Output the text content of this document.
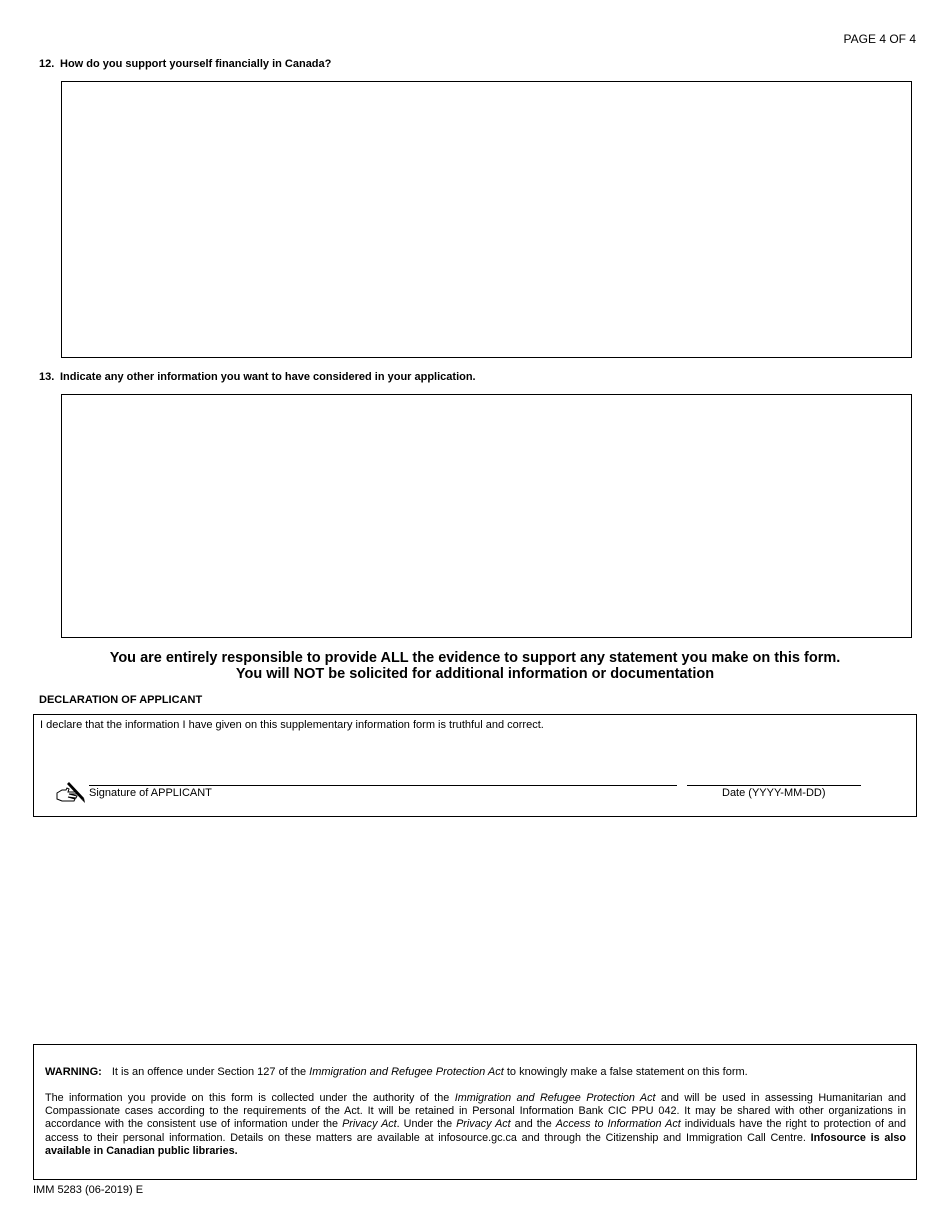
PAGE 4 OF 4
12. How do you support yourself financially in Canada?
13. Indicate any other information you want to have considered in your application.
You are entirely responsible to provide ALL the evidence to support any statement you make on this form.
You will NOT be solicited for additional information or documentation
DECLARATION OF APPLICANT
I declare that the information I have given on this supplementary information form is truthful and correct.
Signature of APPLICANT	Date (YYYY-MM-DD)
WARNING: It is an offence under Section 127 of the Immigration and Refugee Protection Act to knowingly make a false statement on this form.
The information you provide on this form is collected under the authority of the Immigration and Refugee Protection Act and will be used in assessing Humanitarian and Compassionate cases according to the requirements of the Act. It will be retained in Personal Information Bank CIC PPU 042. It may be shared with other organizations in accordance with the consistent use of information under the Privacy Act. Under the Privacy Act and the Access to Information Act individuals have the right to protection of and access to their personal information. Details on these matters are available at infosource.gc.ca and through the Citizenship and Immigration Call Centre. Infosource is also available in Canadian public libraries.
IMM 5283 (06-2019) E
